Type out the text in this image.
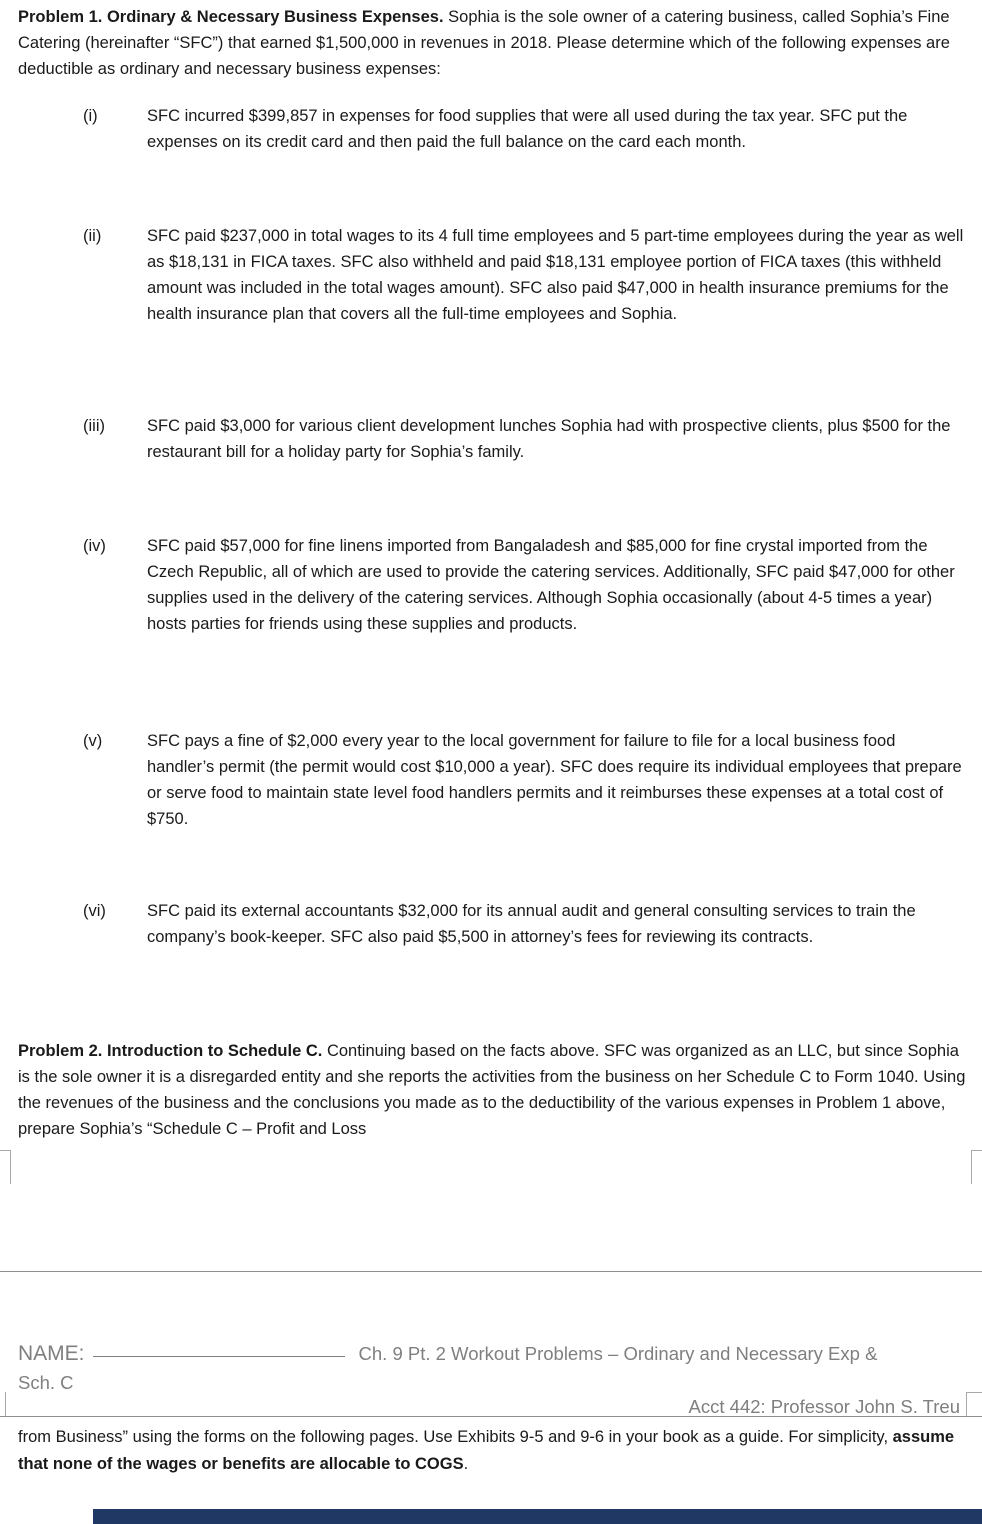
Problem 1. Ordinary & Necessary Business Expenses. Sophia is the sole owner of a catering business, called Sophia’s Fine Catering (hereinafter “SFC”) that earned $1,500,000 in revenues in 2018. Please determine which of the following expenses are deductible as ordinary and necessary business expenses:
(i)	SFC incurred $399,857 in expenses for food supplies that were all used during the tax year. SFC put the expenses on its credit card and then paid the full balance on the card each month.
(ii)	SFC paid $237,000 in total wages to its 4 full time employees and 5 part-time employees during the year as well as $18,131 in FICA taxes. SFC also withheld and paid $18,131 employee portion of FICA taxes (this withheld amount was included in the total wages amount). SFC also paid $47,000 in health insurance premiums for the health insurance plan that covers all the full-time employees and Sophia.
(iii)	SFC paid $3,000 for various client development lunches Sophia had with prospective clients, plus $500 for the restaurant bill for a holiday party for Sophia’s family.
(iv)	SFC paid $57,000 for fine linens imported from Bangaladesh and $85,000 for fine crystal imported from the Czech Republic, all of which are used to provide the catering services. Additionally, SFC paid $47,000 for other supplies used in the delivery of the catering services. Although Sophia occasionally (about 4-5 times a year) hosts parties for friends using these supplies and products.
(v)	SFC pays a fine of $2,000 every year to the local government for failure to file for a local business food handler’s permit (the permit would cost $10,000 a year). SFC does require its individual employees that prepare or serve food to maintain state level food handlers permits and it reimburses these expenses at a total cost of $750.
(vi)	SFC paid its external accountants $32,000 for its annual audit and general consulting services to train the company’s book-keeper. SFC also paid $5,500 in attorney’s fees for reviewing its contracts.
Problem 2. Introduction to Schedule C. Continuing based on the facts above. SFC was organized as an LLC, but since Sophia is the sole owner it is a disregarded entity and she reports the activities from the business on her Schedule C to Form 1040. Using the revenues of the business and the conclusions you made as to the deductibility of the various expenses in Problem 1 above, prepare Sophia’s “Schedule C – Profit and Loss
NAME:	Ch. 9 Pt. 2 Workout Problems – Ordinary and Necessary Exp &
Sch. C
Acct 442: Professor John S. Treu
from Business” using the forms on the following pages. Use Exhibits 9-5 and 9-6 in your book as a guide. For simplicity, assume that none of the wages or benefits are allocable to COGS.
